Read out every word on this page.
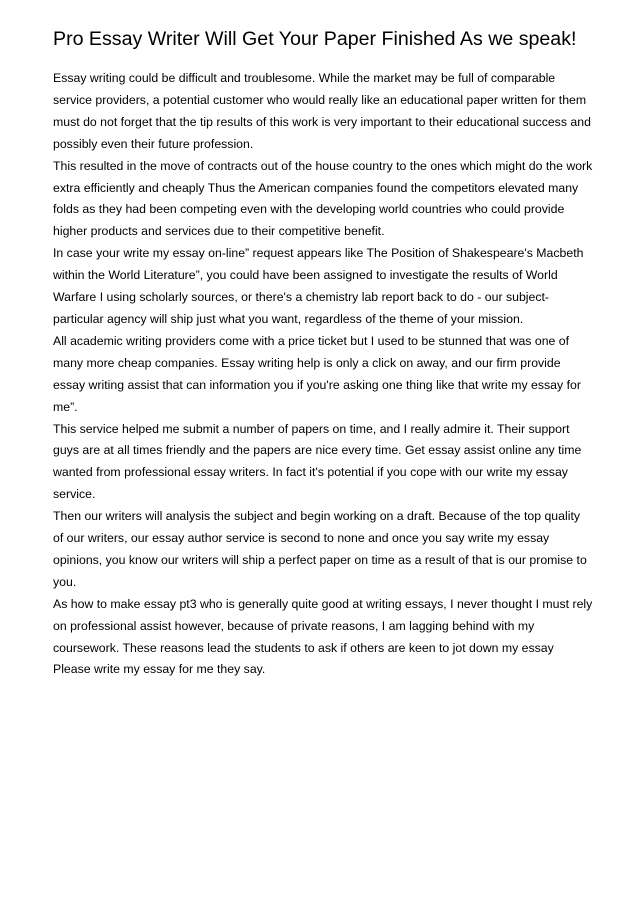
Pro Essay Writer Will Get Your Paper Finished As we speak!

Essay writing could be difficult and troublesome. While the market may be full of comparable service providers, a potential customer who would really like an educational paper written for them must do not forget that the tip results of this work is very important to their educational success and possibly even their future profession.

This resulted in the move of contracts out of the house country to the ones which might do the work extra efficiently and cheaply Thus the American companies found the competitors elevated many folds as they had been competing even with the developing world countries who could provide higher products and services due to their competitive benefit.

In case your write my essay on-line” request appears like The Position of Shakespeare's Macbeth within the World Literature”, you could have been assigned to investigate the results of World Warfare I using scholarly sources, or there's a chemistry lab report back to do - our subject-particular agency will ship just what you want, regardless of the theme of your mission.

All academic writing providers come with a price ticket but I used to be stunned that was one of many more cheap companies. Essay writing help is only a click on away, and our firm provide essay writing assist that can information you if you're asking one thing like that write my essay for me”.

This service helped me submit a number of papers on time, and I really admire it. Their support guys are at all times friendly and the papers are nice every time. Get essay assist online any time wanted from professional essay writers. In fact it's potential if you cope with our write my essay service.

Then our writers will analysis the subject and begin working on a draft. Because of the top quality of our writers, our essay author service is second to none and once you say write my essay opinions, you know our writers will ship a perfect paper on time as a result of that is our promise to you.

As how to make essay pt3 who is generally quite good at writing essays, I never thought I must rely on professional assist however, because of private reasons, I am lagging behind with my coursework. These reasons lead the students to ask if others are keen to jot down my essay Please write my essay for me they say.
